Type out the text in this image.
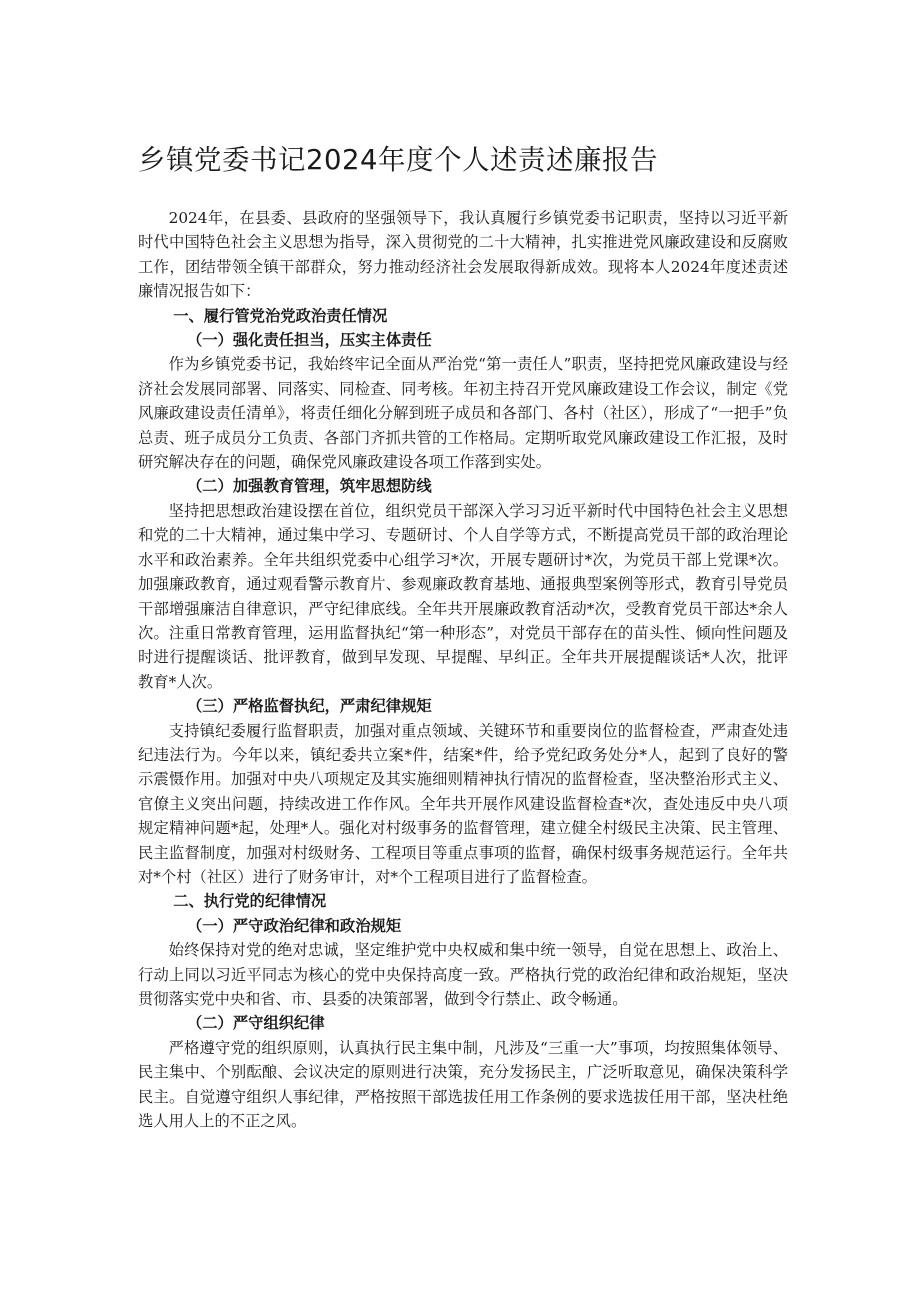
乡镇党委书记2024年度个人述责述廉报告

2024年，在县委、县政府的坚强领导下，我认真履行乡镇党委书记职责，坚持以习近平新时代中国特色社会主义思想为指导，深入贯彻党的二十大精神，扎实推进党风廉政建设和反腐败工作，团结带领全镇干部群众，努力推动经济社会发展取得新成效。现将本人2024年度述责述廉情况报告如下：

一、履行管党治党政治责任情况
（一）强化责任担当，压实主体责任

作为乡镇党委书记，我始终牢记全面从严治党“第一责任人”职责，坚持把党风廉政建设与经济社会发展同部署、同落实、同检查、同考核。年初主持召开党风廉政建设工作会议，制定《党风廉政建设责任清单》，将责任细化分解到班子成员和各部门、各村（社区），形成了“一把手”负总责、班子成员分工负责、各部门齐抓共管的工作格局。定期听取党风廉政建设工作汇报，及时研究解决存在的问题，确保党风廉政建设各项工作落到实处。

（二）加强教育管理，筑牢思想防线

坚持把思想政治建设摆在首位，组织党员干部深入学习习近平新时代中国特色社会主义思想和党的二十大精神，通过集中学习、专题研讨、个人自学等方式，不断提高党员干部的政治理论水平和政治素养。全年共组织党委中心组学习*次，开展专题研讨*次，为党员干部上党课*次。加强廉政教育，通过观看警示教育片、参观廉政教育基地、通报典型案例等形式，教育引导党员干部增强廉洁自律意识，严守纪律底线。全年共开展廉政教育活动*次，受教育党员干部达*余人次。注重日常教育管理，运用监督执纪“第一种形态”，对党员干部存在的苗头性、倾向性问题及时进行提醒谈话、批评教育，做到早发现、早提醒、早纠正。全年共开展提醒谈话*人次，批评教育*人次。

（三）严格监督执纪，严肃纪律规矩

支持镇纪委履行监督职责，加强对重点领域、关键环节和重要岗位的监督检查，严肃查处违纪违法行为。今年以来，镇纪委共立案*件，结案*件，给予党纪政务处分*人，起到了良好的警示震慑作用。加强对中央八项规定及其实施细则精神执行情况的监督检查，坚决整治形式主义、官僚主义突出问题，持续改进工作作风。全年共开展作风建设监督检查*次，查处违反中央八项规定精神问题*起，处理*人。强化对村级事务的监督管理，建立健全村级民主决策、民主管理、民主监督制度，加强对村级财务、工程项目等重点事项的监督，确保村级事务规范运行。全年共对*个村（社区）进行了财务审计，对*个工程项目进行了监督检查。

二、执行党的纪律情况
（一）严守政治纪律和政治规矩

始终保持对党的绝对忠诚，坚定维护党中央权威和集中统一领导，自觉在思想上、政治上、行动上同以习近平同志为核心的党中央保持高度一致。严格执行党的政治纪律和政治规矩，坚决贯彻落实党中央和省、市、县委的决策部署，做到令行禁止、政令畅通。

（二）严守组织纪律

严格遵守党的组织原则，认真执行民主集中制，凡涉及“三重一大”事项，均按照集体领导、民主集中、个别酝酿、会议决定的原则进行决策，充分发扬民主，广泛听取意见，确保决策科学民主。自觉遵守组织人事纪律，严格按照干部选拔任用工作条例的要求选拔任用干部，坚决杜绝选人用人上的不正之风。
